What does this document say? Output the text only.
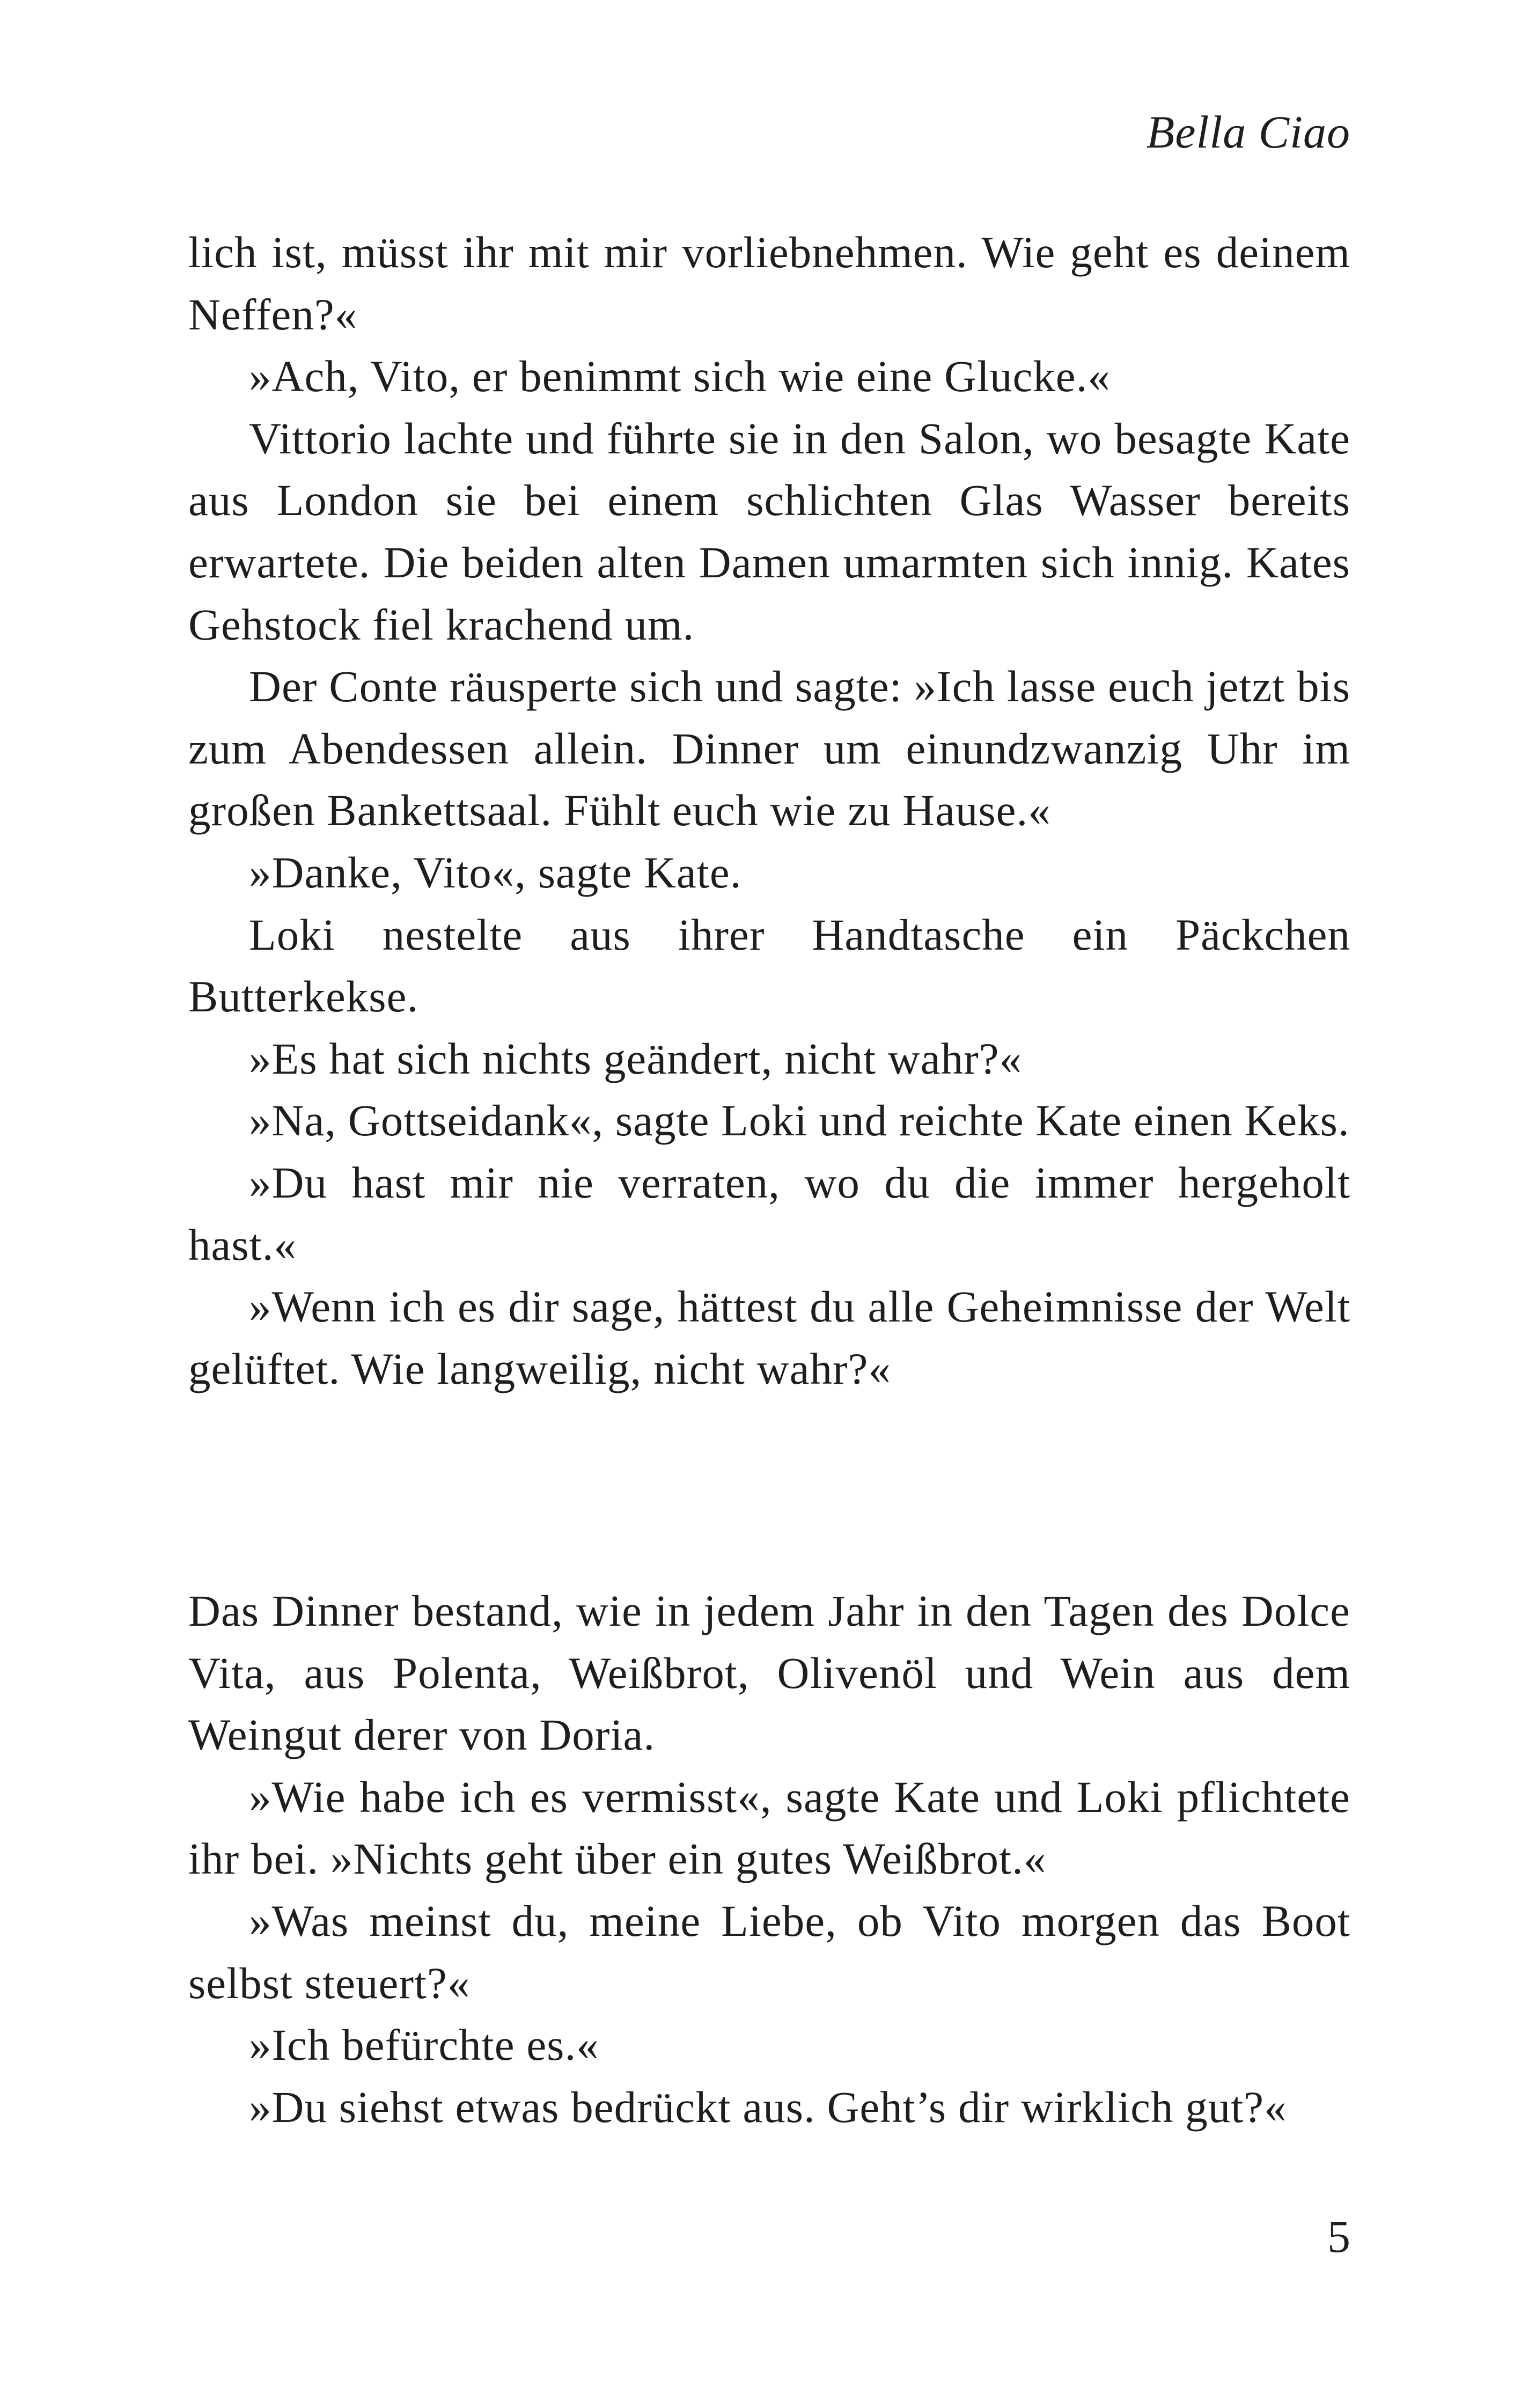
Bella Ciao

lich ist, müsst ihr mit mir vorliebnehmen. Wie geht es deinem Neffen?«

»Ach, Vito, er benimmt sich wie eine Glucke.«

Vittorio lachte und führte sie in den Salon, wo besagte Kate aus London sie bei einem schlichten Glas Wasser bereits erwartete. Die beiden alten Damen umarmten sich innig. Kates Gehstock fiel krachend um.

Der Conte räusperte sich und sagte: »Ich lasse euch jetzt bis zum Abendessen allein. Dinner um einundzwanzig Uhr im großen Bankettsaal. Fühlt euch wie zu Hause.«

»Danke, Vito«, sagte Kate.

Loki nestelte aus ihrer Handtasche ein Päckchen Butterkekse.

»Es hat sich nichts geändert, nicht wahr?«

»Na, Gottseidank«, sagte Loki und reichte Kate einen Keks.

»Du hast mir nie verraten, wo du die immer hergeholt hast.«

»Wenn ich es dir sage, hättest du alle Geheimnisse der Welt gelüftet. Wie langweilig, nicht wahr?«

Das Dinner bestand, wie in jedem Jahr in den Tagen des Dolce Vita, aus Polenta, Weißbrot, Olivenöl und Wein aus dem Weingut derer von Doria.

»Wie habe ich es vermisst«, sagte Kate und Loki pflichtete ihr bei. »Nichts geht über ein gutes Weißbrot.«

»Was meinst du, meine Liebe, ob Vito morgen das Boot selbst steuert?«

»Ich befürchte es.«

»Du siehst etwas bedrückt aus. Geht’s dir wirklich gut?«

5
